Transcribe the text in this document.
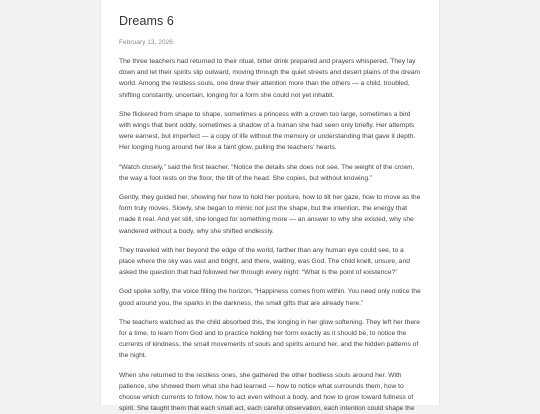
Dreams 6
February 13, 2026

The three teachers had returned to their ritual, bitter drink prepared and prayers whispered. They lay down and let their spirits slip outward, moving through the quiet streets and desert plains of the dream world. Among the restless souls, one drew their attention more than the others — a child, troubled, shifting constantly, uncertain, longing for a form she could not yet inhabit.

She flickered from shape to shape, sometimes a princess with a crown too large, sometimes a bird with wings that bent oddly, sometimes a shadow of a human she had seen only briefly. Her attempts were earnest, but imperfect — a copy of life without the memory or understanding that gave it depth. Her longing hung around her like a faint glow, pulling the teachers' hearts.

“Watch closely,” said the first teacher. “Notice the details she does not see. The weight of the crown, the way a foot rests on the floor, the tilt of the head. She copies, but without knowing.”

Gently, they guided her, showing her how to hold her posture, how to tilt her gaze, how to move as the form truly moves. Slowly, she began to mimic not just the shape, but the intention, the energy that made it real. And yet still, she longed for something more — an answer to why she existed, why she wandered without a body, why she shifted endlessly.

They traveled with her beyond the edge of the world, farther than any human eye could see, to a place where the sky was vast and bright, and there, waiting, was God. The child knelt, unsure, and asked the question that had followed her through every night: “What is the point of existence?”

God spoke softly, the voice filling the horizon, “Happiness comes from within. You need only notice the good around you, the sparks in the darkness, the small gifts that are already here.”

The teachers watched as the child absorbed this, the longing in her glow softening. They left her there for a time, to learn from God and to practice holding her form exactly as it should be, to notice the currents of kindness, the small movements of souls and spirits around her, and the hidden patterns of the night.

When she returned to the restless ones, she gathered the other bodiless souls around her. With patience, she showed them what she had learned — how to notice what surrounds them, how to choose which currents to follow, how to act even without a body, and how to grow toward fullness of spirit. She taught them that each small act, each careful observation, each intention could shape the
